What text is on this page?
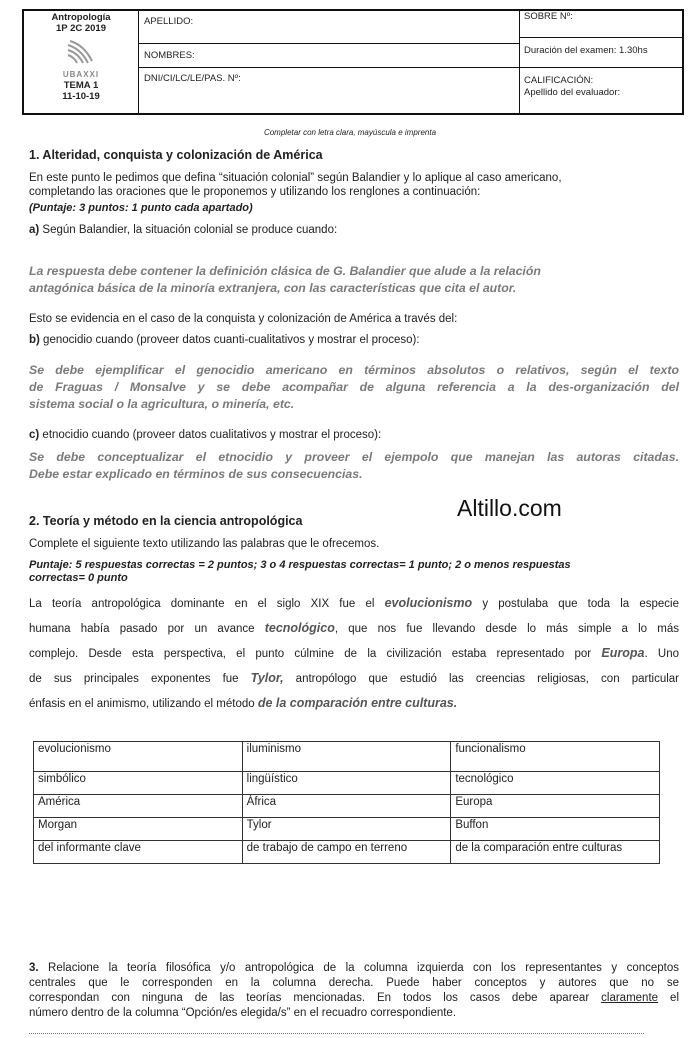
Antropología
1P 2C 2019
UBAXXI
TEMA 1
11-10-19
APELLIDO:
NOMBRES:
DNI/CI/LC/LE/PAS. Nº:
SOBRE Nº:
Duración del examen: 1.30hs
CALIFICACIÓN:
Apellido del evaluador:
Completar con letra clara, mayúscula e imprenta
1. Alteridad, conquista y colonización de América
En este punto le pedimos que defina “situación colonial” según Balandier y lo aplique al caso americano,
completando las oraciones que le proponemos y utilizando los renglones a continuación:
(Puntaje: 3 puntos: 1 punto cada apartado)
a) Según Balandier, la situación colonial se produce cuando:
La respuesta debe contener la definición clásica de G. Balandier que alude a la relación
antagónica básica de la minoría extranjera, con las características que cita el autor.
Esto se evidencia en el caso de la conquista y colonización de América a través del:
b) genocidio cuando (proveer datos cuanti-cualitativos y mostrar el proceso):
Se debe ejemplificar el genocidio americano en términos absolutos o relativos, según el texto
de Fraguas / Monsalve y se debe acompañar de alguna referencia a la des-organización del
sistema social o la agricultura, o minería, etc.
c) etnocidio cuando (proveer datos cualitativos y mostrar el proceso):
Se debe conceptualizar el etnocidio y proveer el ejempolo que manejan las autoras citadas.
Debe estar explicado en términos de sus consecuencias.
Altillo.com
2. Teoría y método en la ciencia antropológica
Complete el siguiente texto utilizando las palabras que le ofrecemos.
Puntaje: 5 respuestas correctas = 2 puntos; 3 o 4 respuestas correctas= 1 punto; 2 o menos respuestas
correctas= 0 punto
La teoría antropológica dominante en el siglo XIX fue el evolucionismo y postulaba que toda la especie
humana había pasado por un avance tecnológico, que nos fue llevando desde lo más simple a lo más
complejo. Desde esta perspectiva, el punto cúlmine de la civilización estaba representado por Europa. Uno
de sus principales exponentes fue Tylor, antropólogo que estudió las creencias religiosas, con particular
énfasis en el animismo, utilizando el método de la comparación entre culturas.
evolucionismo	iluminismo	funcionalismo
simbólico	lingüístico	tecnológico
América	África	Europa
Morgan	Tylor	Buffon
del informante clave	de trabajo de campo en terreno	de la comparación entre culturas
3. Relacione la teoría filosófica y/o antropológica de la columna izquierda con los representantes y conceptos
centrales que le corresponden en la columna derecha. Puede haber conceptos y autores que no se
correspondan con ninguna de las teorías mencionadas. En todos los casos debe aparear claramente el
número dentro de la columna “Opción/es elegida/s” en el recuadro correspondiente.
